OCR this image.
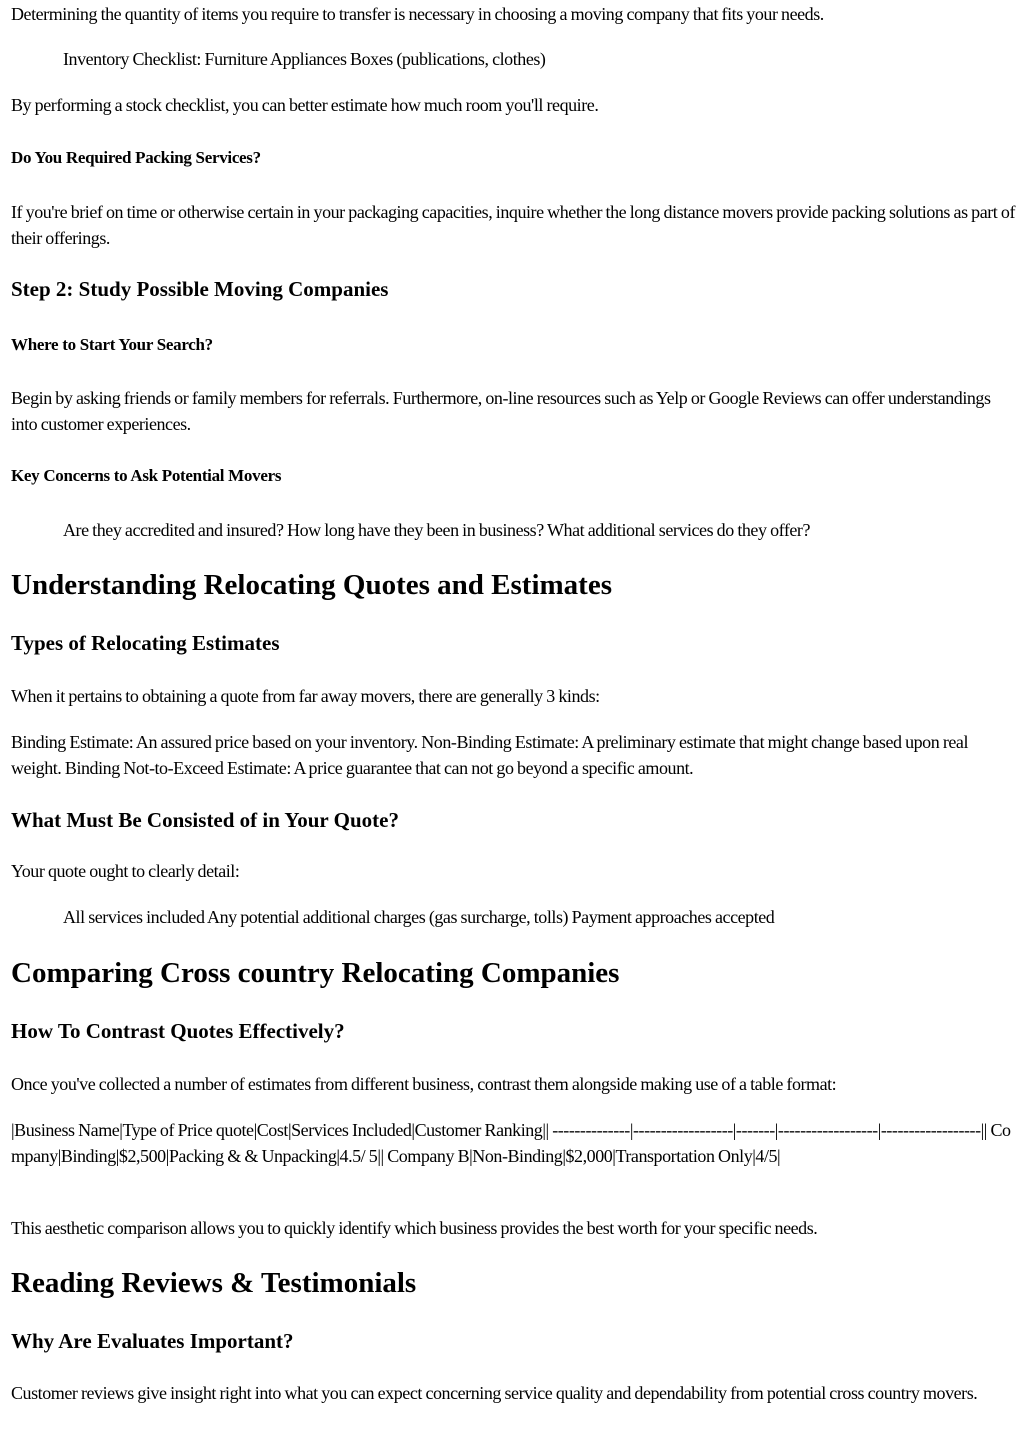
Determining the quantity of items you require to transfer is necessary in choosing a moving company that fits your needs.

Inventory Checklist: Furniture Appliances Boxes (publications, clothes)

By performing a stock checklist, you can better estimate how much room you'll require.

Do You Required Packing Services?

If you're brief on time or otherwise certain in your packaging capacities, inquire whether the long distance movers provide packing solutions as part of their offerings.

Step 2: Study Possible Moving Companies
Where to Start Your Search?

Begin by asking friends or family members for referrals. Furthermore, on-line resources such as Yelp or Google Reviews can offer understandings into customer experiences.

Key Concerns to Ask Potential Movers

Are they accredited and insured? How long have they been in business? What additional services do they offer?

Understanding Relocating Quotes and Estimates
Types of Relocating Estimates

When it pertains to obtaining a quote from far away movers, there are generally 3 kinds:

Binding Estimate: An assured price based on your inventory. Non-Binding Estimate: A preliminary estimate that might change based upon real weight. Binding Not-to-Exceed Estimate: A price guarantee that can not go beyond a specific amount.

What Must Be Consisted of in Your Quote?

Your quote ought to clearly detail:

All services included Any potential additional charges (gas surcharge, tolls) Payment approaches accepted

Comparing Cross country Relocating Companies
How To Contrast Quotes Effectively?

Once you've collected a number of estimates from different business, contrast them alongside making use of a table format:

|Business Name|Type of Price quote|Cost|Services Included|Customer Ranking|| --------------|------------------|-------|------------------|------------------|| Company|Binding|$2,500|Packing & & Unpacking|4.5/ 5|| Company B|Non-Binding|$2,000|Transportation Only|4/5|

This aesthetic comparison allows you to quickly identify which business provides the best worth for your specific needs.

Reading Reviews & Testimonials
Why Are Evaluates Important?

Customer reviews give insight right into what you can expect concerning service quality and dependability from potential cross country movers.
